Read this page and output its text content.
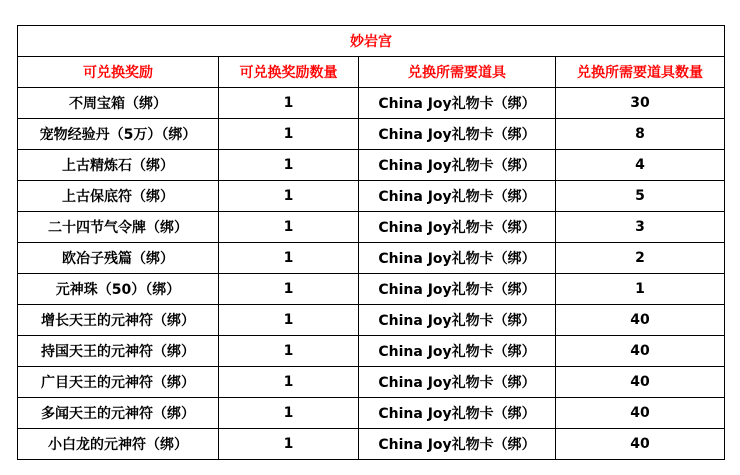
妙岩宫			
可兑换奖励	可兑换奖励数量	兑换所需要道具	兑换所需要道具数量
不周宝箱（绑）	1	China Joy礼物卡（绑）	30
宠物经验丹（5万）（绑）	1	China Joy礼物卡（绑）	8
上古精炼石（绑）	1	China Joy礼物卡（绑）	4
上古保底符（绑）	1	China Joy礼物卡（绑）	5
二十四节气令牌（绑）	1	China Joy礼物卡（绑）	3
欧冶子残篇（绑）	1	China Joy礼物卡（绑）	2
元神珠（50）（绑）	1	China Joy礼物卡（绑）	1
增长天王的元神符（绑）	1	China Joy礼物卡（绑）	40
持国天王的元神符（绑）	1	China Joy礼物卡（绑）	40
广目天王的元神符（绑）	1	China Joy礼物卡（绑）	40
多闻天王的元神符（绑）	1	China Joy礼物卡（绑）	40
小白龙的元神符（绑）	1	China Joy礼物卡（绑）	40
